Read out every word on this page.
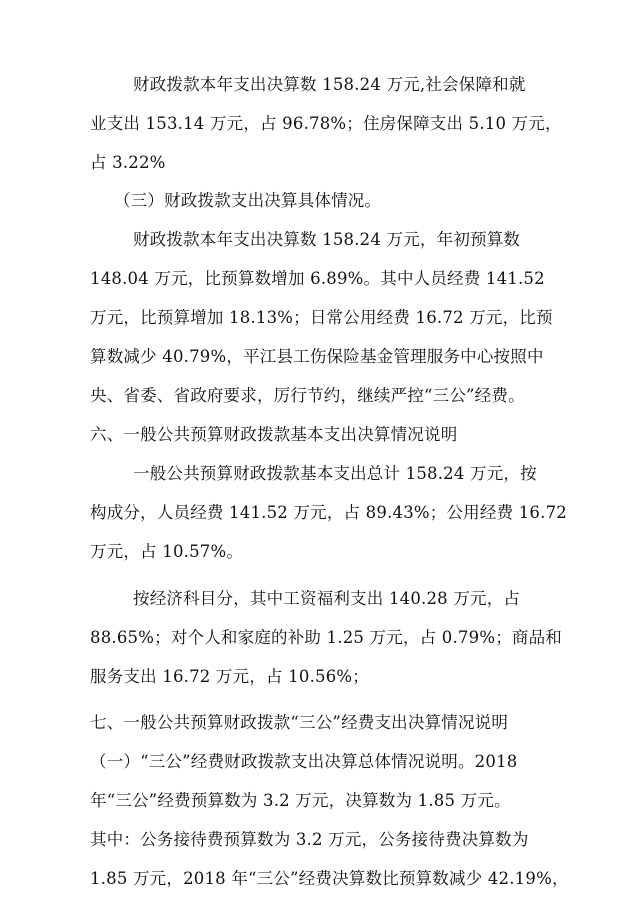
财政拨款本年支出决算数 158.24 万元,社会保障和就
业支出 153.14 万元，占 96.78%；住房保障支出 5.10 万元，
占 3.22%
（三）财政拨款支出决算具体情况。
财政拨款本年支出决算数 158.24 万元，年初预算数
148.04 万元，比预算数增加 6.89%。其中人员经费 141.52
万元，比预算增加 18.13%；日常公用经费 16.72 万元，比预
算数减少 40.79%，平江县工伤保险基金管理服务中心按照中
央、省委、省政府要求，厉行节约，继续严控“三公”经费。
六、一般公共预算财政拨款基本支出决算情况说明
一般公共预算财政拨款基本支出总计 158.24 万元，按
构成分，人员经费 141.52 万元，占 89.43%；公用经费 16.72
万元，占 10.57%。
按经济科目分，其中工资福利支出 140.28 万元，占
88.65%；对个人和家庭的补助 1.25 万元，占 0.79%；商品和
服务支出 16.72 万元，占 10.56%；
七、一般公共预算财政拨款“三公”经费支出决算情况说明
（一）“三公”经费财政拨款支出决算总体情况说明。2018
年“三公”经费预算数为 3.2 万元，决算数为 1.85 万元。
其中：公务接待费预算数为 3.2 万元，公务接待费决算数为
1.85 万元，2018 年“三公”经费决算数比预算数减少 42.19%，
